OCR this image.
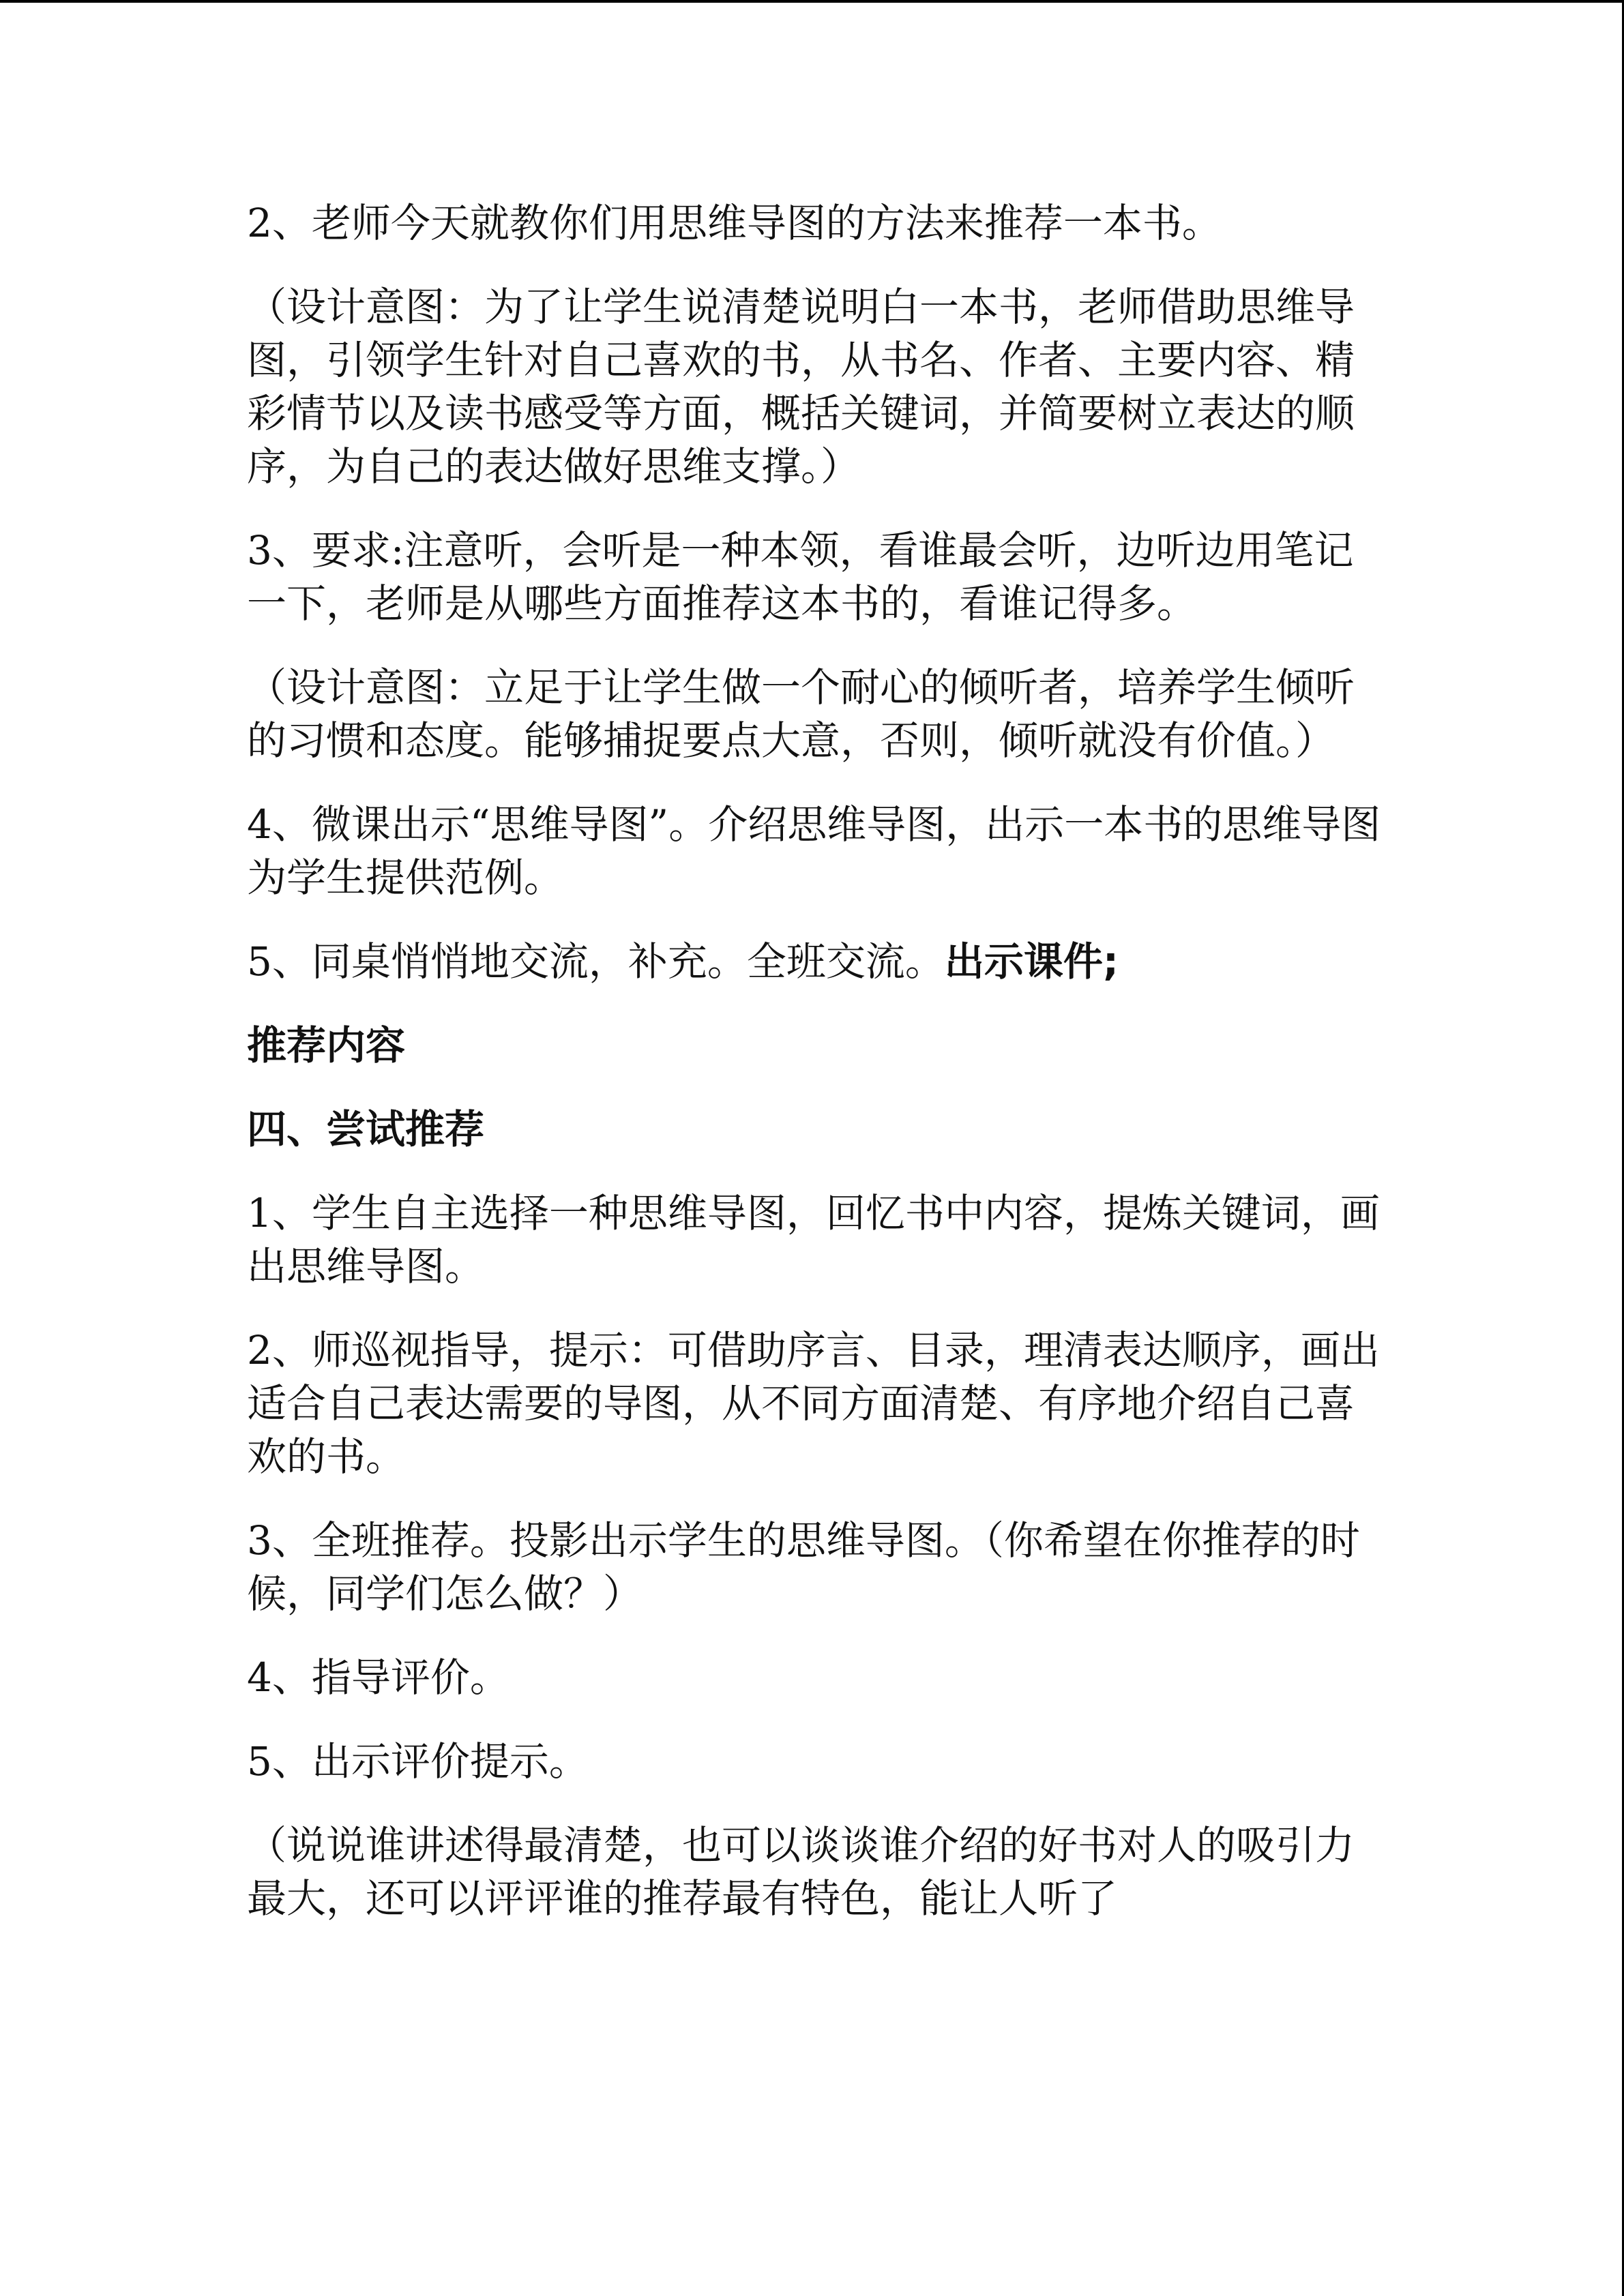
2、老师今天就教你们用思维导图的方法来推荐一本书。

（设计意图：为了让学生说清楚说明白一本书，老师借助思维导图，引领学生针对自己喜欢的书，从书名、作者、主要内容、精彩情节以及读书感受等方面，概括关键词，并简要树立表达的顺序，为自己的表达做好思维支撑。）

3、要求:注意听，会听是一种本领，看谁最会听，边听边用笔记一下，老师是从哪些方面推荐这本书的，看谁记得多。

（设计意图：立足于让学生做一个耐心的倾听者，培养学生倾听的习惯和态度。能够捕捉要点大意，否则，倾听就没有价值。）

4、微课出示“思维导图”。介绍思维导图，出示一本书的思维导图为学生提供范例。

5、同桌悄悄地交流，补充。全班交流。出示课件;

推荐内容

四、尝试推荐

1、学生自主选择一种思维导图，回忆书中内容，提炼关键词，画出思维导图。

2、师巡视指导，提示：可借助序言、目录，理清表达顺序，画出适合自己表达需要的导图，从不同方面清楚、有序地介绍自己喜欢的书。

3、全班推荐。投影出示学生的思维导图。（你希望在你推荐的时候，同学们怎么做？）

4、指导评价。

5、出示评价提示。

（说说谁讲述得最清楚，也可以谈谈谁介绍的好书对人的吸引力最大，还可以评评谁的推荐最有特色，能让人听了
